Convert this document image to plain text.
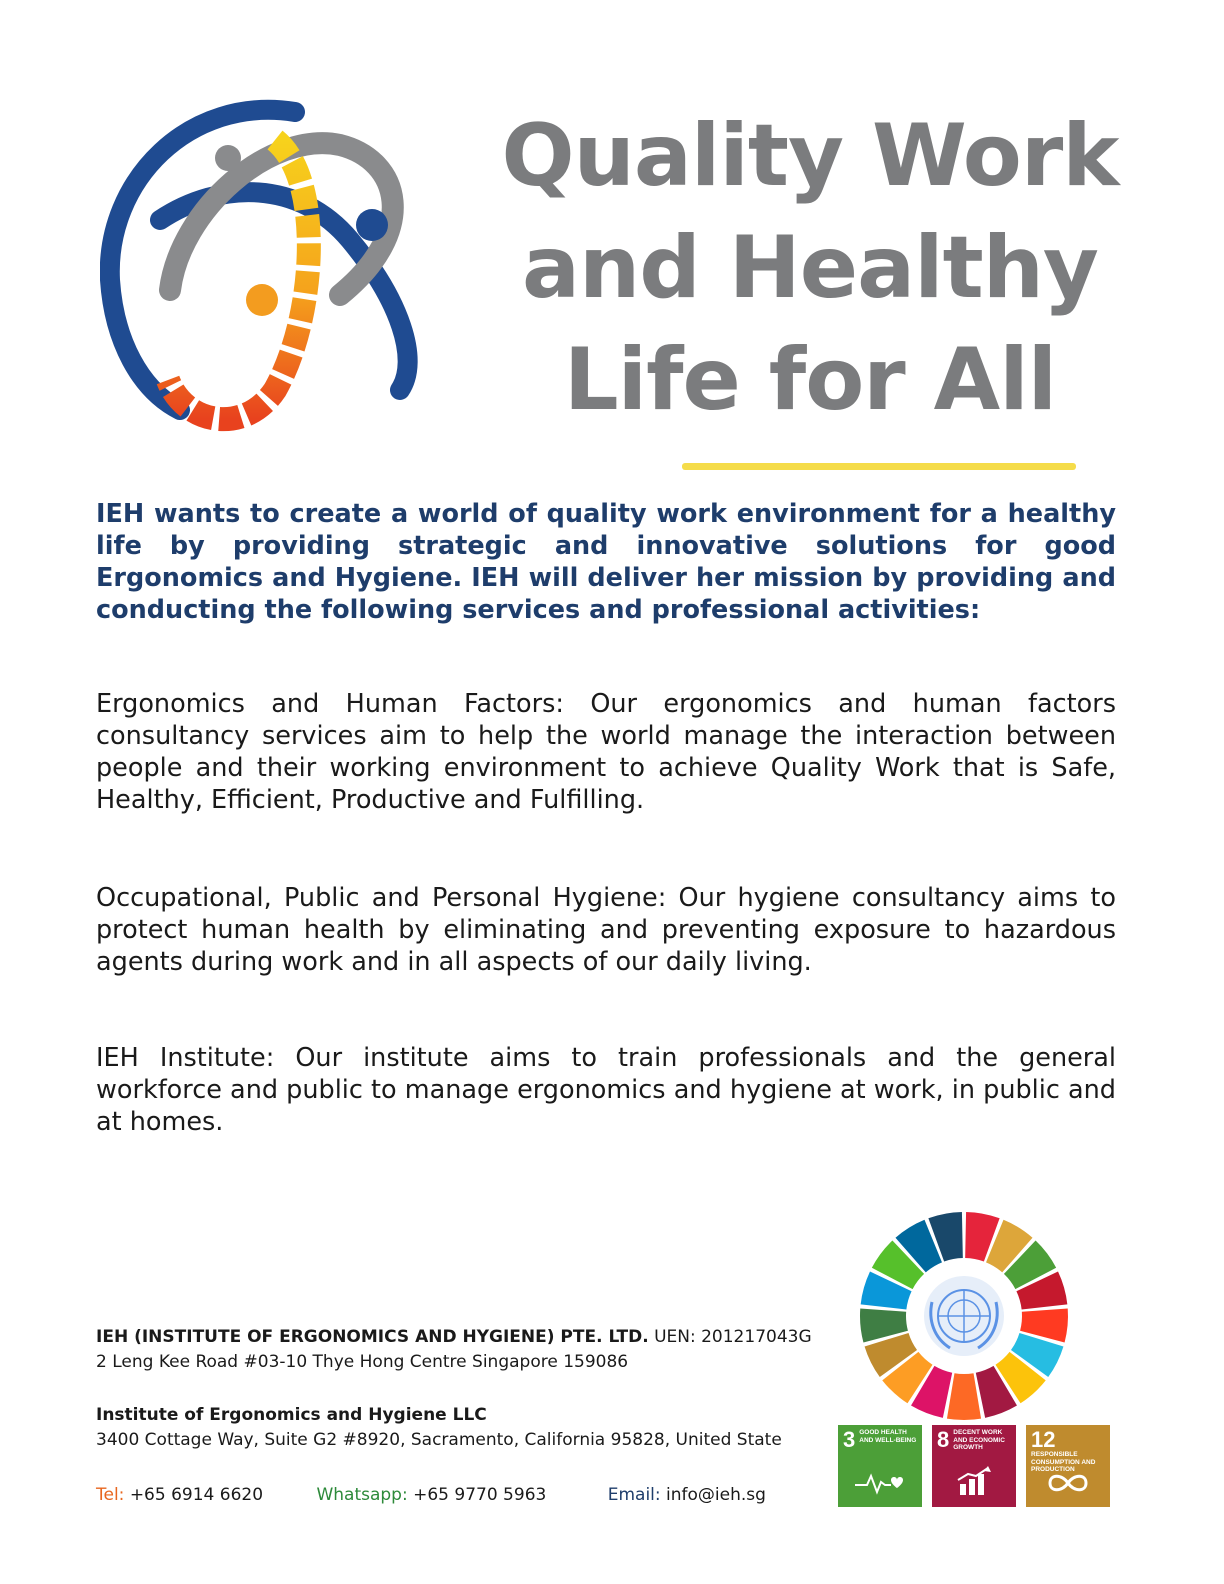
Quality Work
and Healthy
Life for All

IEH wants to create a world of quality work environment for a healthy life by providing strategic and innovative solutions for good Ergonomics and Hygiene. IEH will deliver her mission by providing and conducting the following services and professional activities:

Ergonomics and Human Factors: Our ergonomics and human factors consultancy services aim to help the world manage the interaction between people and their working environment to achieve Quality Work that is Safe, Healthy, Efficient, Productive and Fulfilling.

Occupational, Public and Personal Hygiene: Our hygiene consultancy aims to protect human health by eliminating and preventing exposure to hazardous agents during work and in all aspects of our daily living.

IEH Institute: Our institute aims to train professionals and the general workforce and public to manage ergonomics and hygiene at work, in public and at homes.

IEH (INSTITUTE OF ERGONOMICS AND HYGIENE) PTE. LTD. UEN: 201217043G
2 Leng Kee Road #03-10 Thye Hong Centre Singapore 159086
Institute of Ergonomics and Hygiene LLC
3400 Cottage Way, Suite G2 #8920, Sacramento, California 95828, United State
Tel: +65 6914 6620	Whatsapp: +65 9770 5963	Email: info@ieh.sg
3 GOOD HEALTH AND WELL-BEING 8 DECENT WORK AND ECONOMIC GROWTH	12
RESPONSIBLE CONSUMPTION AND PRODUCTION
